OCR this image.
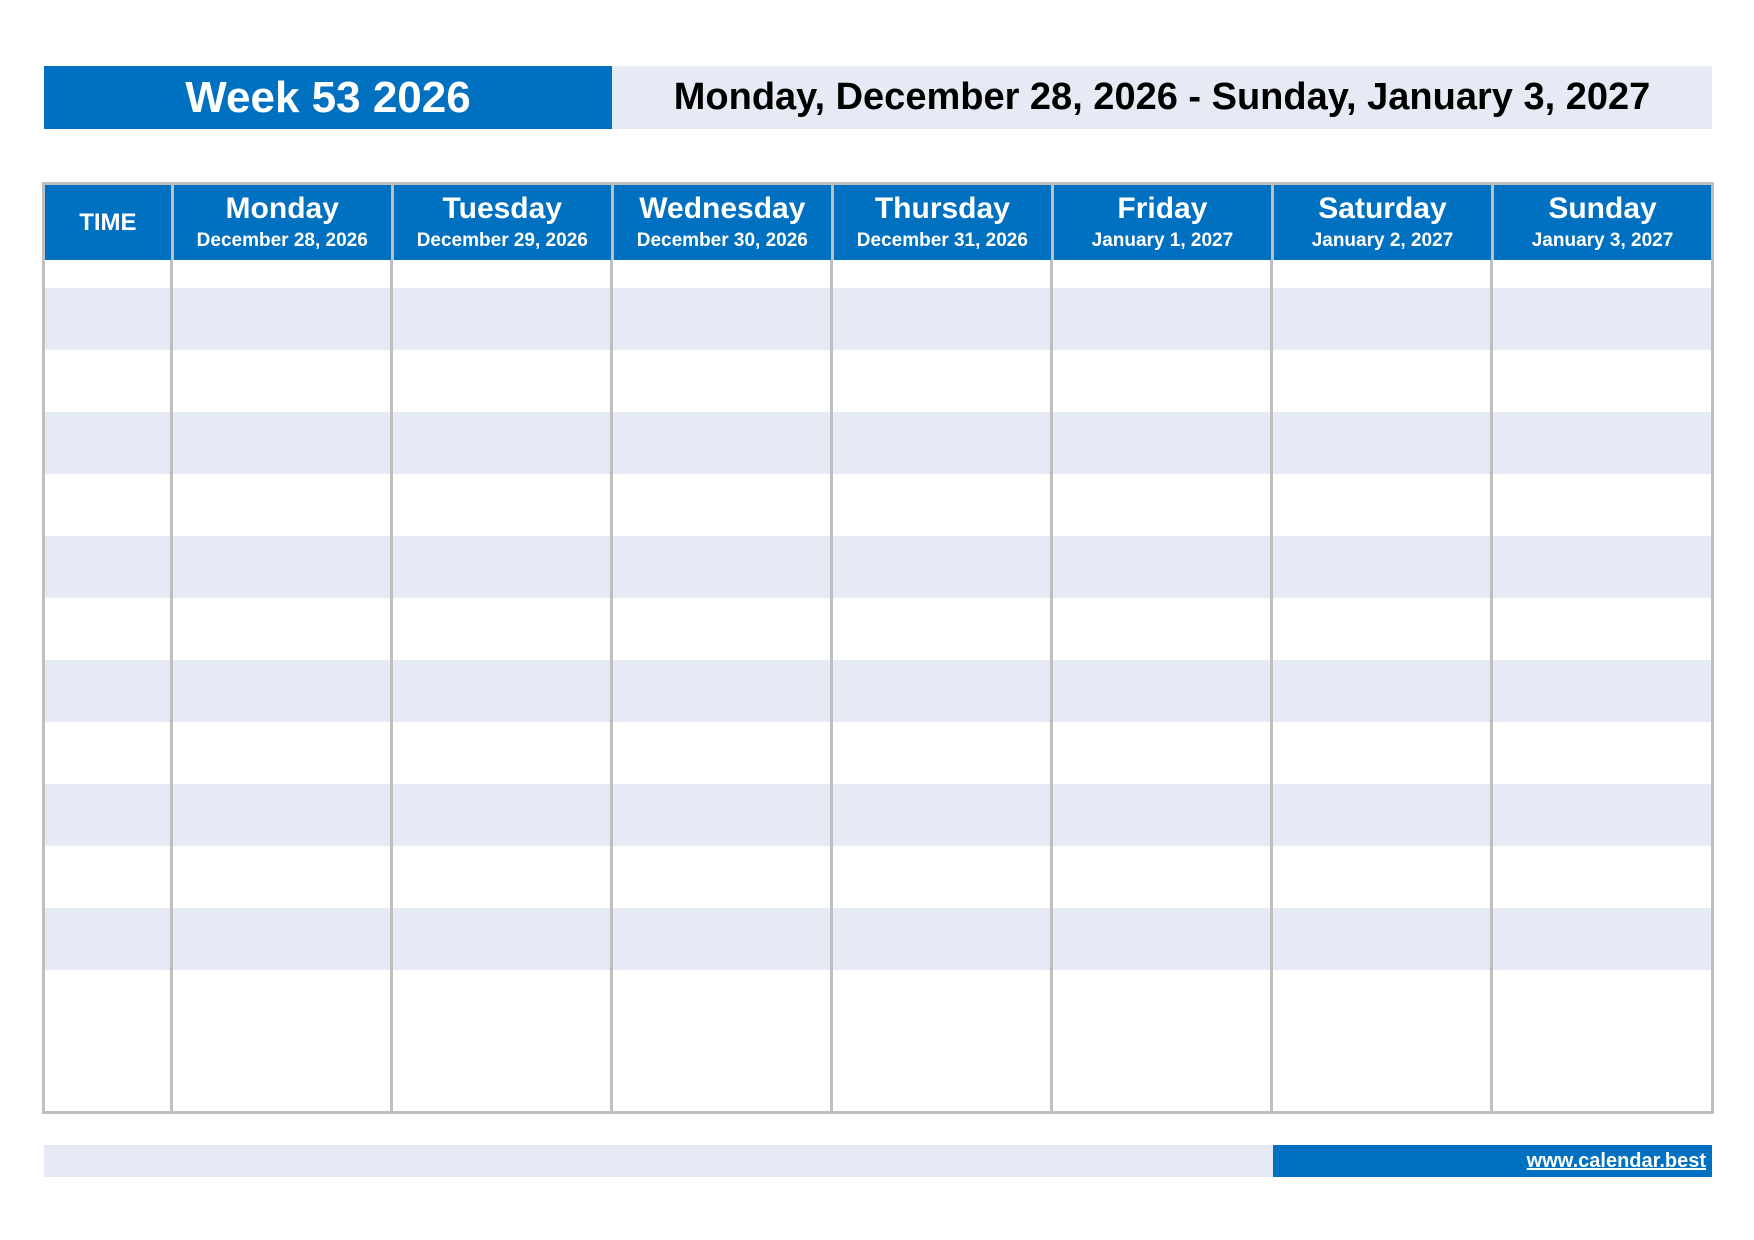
Week 53 2026	Monday, December 28, 2026 - Sunday, January 3, 2027
TIME	Monday
December 28, 2026
Tuesday
December 29, 2026
Wednesday
December 30, 2026
Thursday
December 31, 2026
Friday
January 1, 2027
Saturday
January 2, 2027
Sunday
January 3, 2027
www.calendar.best
